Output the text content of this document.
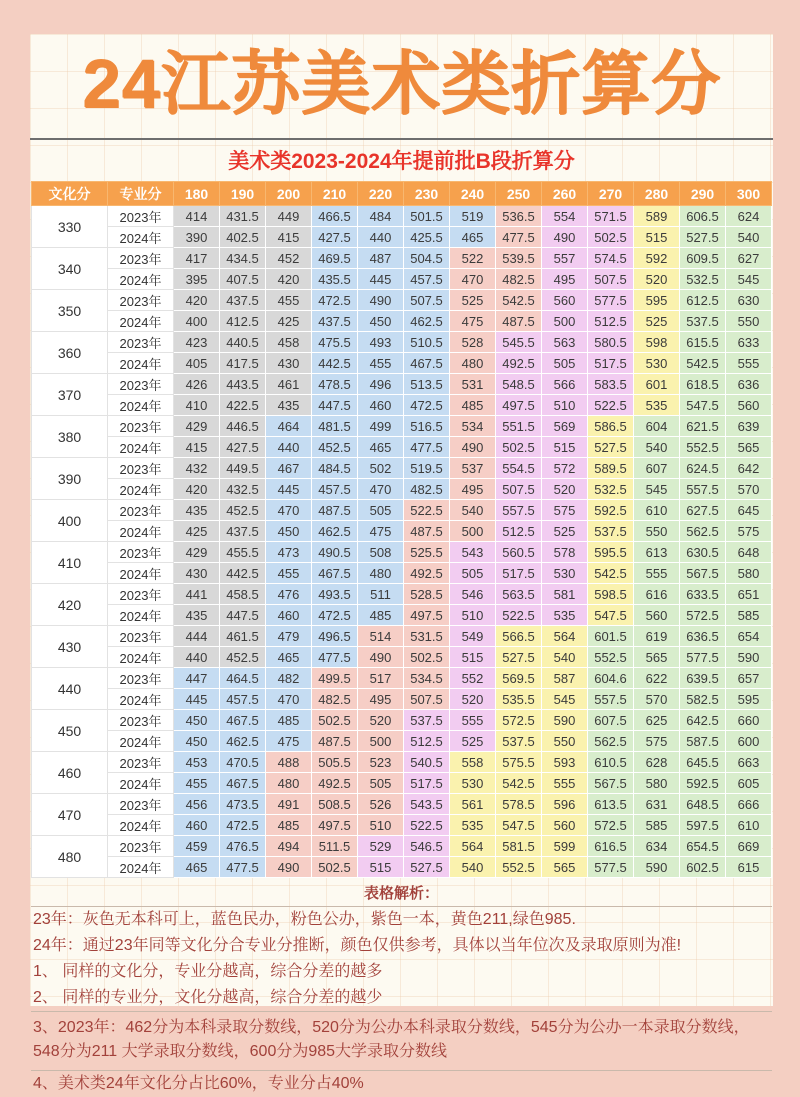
24江苏美术类折算分
美术类2023-2024年提前批B段折算分
文化分	专业分	180	190	200	210	220	230	240	250	260	270	280	290	300
330	2023年	414	431.5	449	466.5	484	501.5	519	536.5	554	571.5	589	606.5	624
	2024年	390	402.5	415	427.5	440	425.5	465	477.5	490	502.5	515	527.5	540
340	2023年	417	434.5	452	469.5	487	504.5	522	539.5	557	574.5	592	609.5	627
	2024年	395	407.5	420	435.5	445	457.5	470	482.5	495	507.5	520	532.5	545
350	2023年	420	437.5	455	472.5	490	507.5	525	542.5	560	577.5	595	612.5	630
	2024年	400	412.5	425	437.5	450	462.5	475	487.5	500	512.5	525	537.5	550
360	2023年	423	440.5	458	475.5	493	510.5	528	545.5	563	580.5	598	615.5	633
	2024年	405	417.5	430	442.5	455	467.5	480	492.5	505	517.5	530	542.5	555
370	2023年	426	443.5	461	478.5	496	513.5	531	548.5	566	583.5	601	618.5	636
	2024年	410	422.5	435	447.5	460	472.5	485	497.5	510	522.5	535	547.5	560
380	2023年	429	446.5	464	481.5	499	516.5	534	551.5	569	586.5	604	621.5	639
	2024年	415	427.5	440	452.5	465	477.5	490	502.5	515	527.5	540	552.5	565
390	2023年	432	449.5	467	484.5	502	519.5	537	554.5	572	589.5	607	624.5	642
	2024年	420	432.5	445	457.5	470	482.5	495	507.5	520	532.5	545	557.5	570
400	2023年	435	452.5	470	487.5	505	522.5	540	557.5	575	592.5	610	627.5	645
	2024年	425	437.5	450	462.5	475	487.5	500	512.5	525	537.5	550	562.5	575
410	2023年	429	455.5	473	490.5	508	525.5	543	560.5	578	595.5	613	630.5	648
	2024年	430	442.5	455	467.5	480	492.5	505	517.5	530	542.5	555	567.5	580
420	2023年	441	458.5	476	493.5	511	528.5	546	563.5	581	598.5	616	633.5	651
	2024年	435	447.5	460	472.5	485	497.5	510	522.5	535	547.5	560	572.5	585
430	2023年	444	461.5	479	496.5	514	531.5	549	566.5	564	601.5	619	636.5	654
	2024年	440	452.5	465	477.5	490	502.5	515	527.5	540	552.5	565	577.5	590
440	2023年	447	464.5	482	499.5	517	534.5	552	569.5	587	604.6	622	639.5	657
	2024年	445	457.5	470	482.5	495	507.5	520	535.5	545	557.5	570	582.5	595
450	2023年	450	467.5	485	502.5	520	537.5	555	572.5	590	607.5	625	642.5	660
	2024年	450	462.5	475	487.5	500	512.5	525	537.5	550	562.5	575	587.5	600
460	2023年	453	470.5	488	505.5	523	540.5	558	575.5	593	610.5	628	645.5	663
	2024年	455	467.5	480	492.5	505	517.5	530	542.5	555	567.5	580	592.5	605
470	2023年	456	473.5	491	508.5	526	543.5	561	578.5	596	613.5	631	648.5	666
	2024年	460	472.5	485	497.5	510	522.5	535	547.5	560	572.5	585	597.5	610
480	2023年	459	476.5	494	511.5	529	546.5	564	581.5	599	616.5	634	654.5	669
	2024年	465	477.5	490	502.5	515	527.5	540	552.5	565	577.5	590	602.5	615
表格解析：
23年：灰色无本科可上，蓝色民办，粉色公办，紫色一本，黄色211,绿色985.
24年：通过23年同等文化分合专业分推断，颜色仅供参考，具体以当年位次及录取原则为准!
1、 同样的文化分，专业分越高，综合分差的越多
2、 同样的专业分，文化分越高，综合分差的越少
3、2023年：462分为本科录取分数线，520分为公办本科录取分数线，545分为公办一本录取分数线，548分为211 大学录取分数线，600分为985大学录取分数线
4、美术类24年文化分占比60%，专业分占40%
